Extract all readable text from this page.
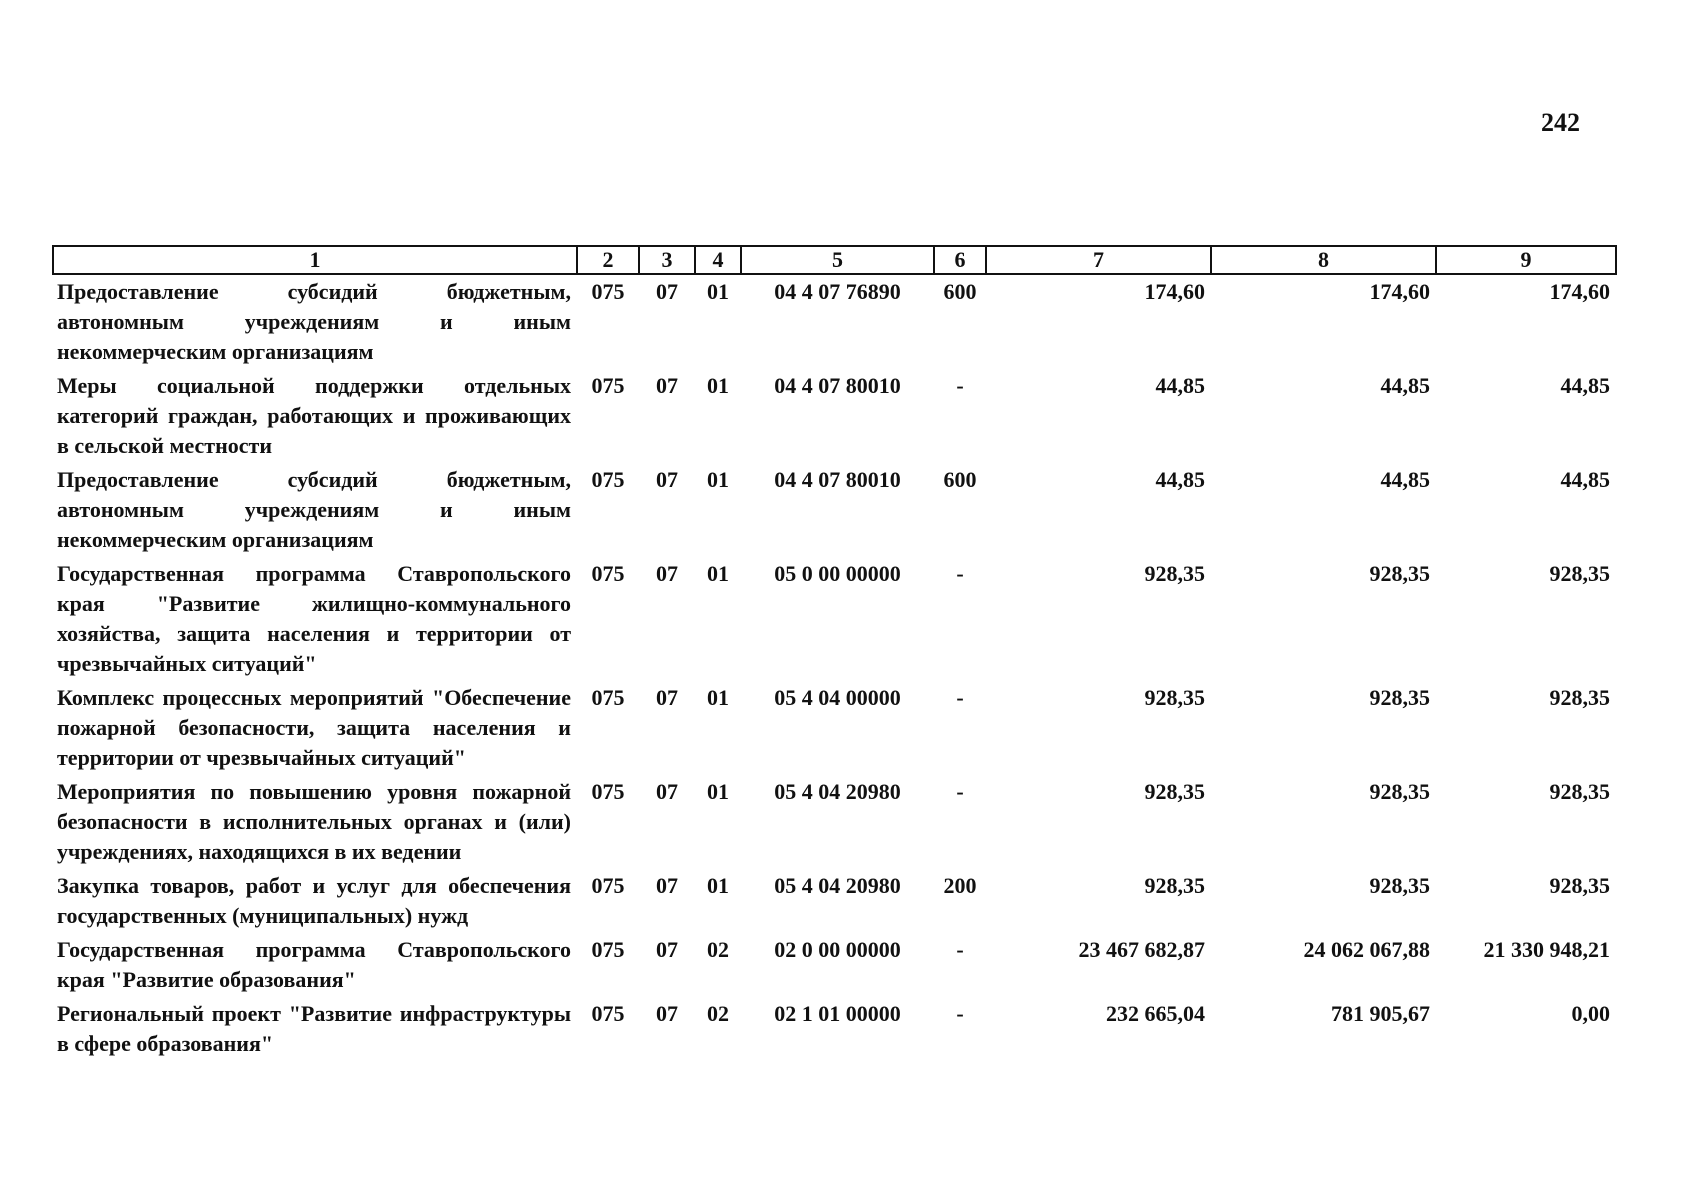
242
1	2	3	4	5	6	7	8	9
Предоставление субсидий бюджетным, автономным учреждениям и иным некоммерческим организациям	075	07	01	04 4 07 76890	600	174,60	174,60	174,60
Меры социальной поддержки отдельных категорий граждан, работающих и проживающих в сельской местности	075	07	01	04 4 07 80010	-	44,85	44,85	44,85
Предоставление субсидий бюджетным, автономным учреждениям и иным некоммерческим организациям	075	07	01	04 4 07 80010	600	44,85	44,85	44,85
Государственная программа Ставропольского края "Развитие жилищно-коммунального хозяйства, защита населения и территории от чрезвычайных ситуаций"	075	07	01	05 0 00 00000	-	928,35	928,35	928,35
Комплекс процессных мероприятий "Обеспечение пожарной безопасности, защита населения и территории от чрезвычайных ситуаций"	075	07	01	05 4 04 00000	-	928,35	928,35	928,35
Мероприятия по повышению уровня пожарной безопасности в исполнительных органах и (или) учреждениях, находящихся в их ведении	075	07	01	05 4 04 20980	-	928,35	928,35	928,35
Закупка товаров, работ и услуг для обеспечения государственных (муниципальных) нужд	075	07	01	05 4 04 20980	200	928,35	928,35	928,35
Государственная программа Ставропольского края "Развитие образования"	075	07	02	02 0 00 00000	-	23 467 682,87	24 062 067,88	21 330 948,21
Региональный проект "Развитие инфраструктуры в сфере образования"	075	07	02	02 1 01 00000	-	232 665,04	781 905,67	0,00
